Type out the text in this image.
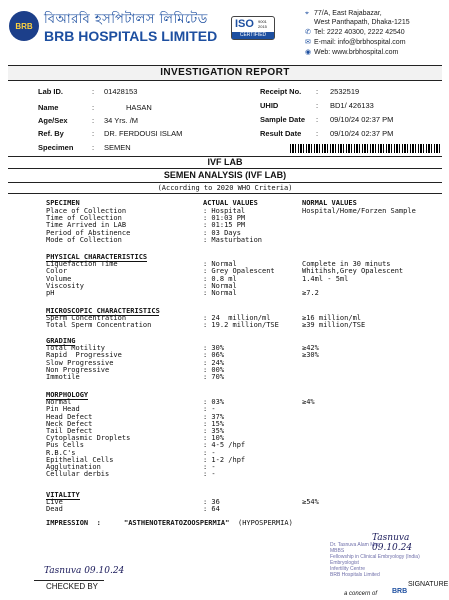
BRB বিআরবি হসপিটালস লিমিটেড
BRB HOSPITALS LIMITED
ISO 9001 2015
CERTIFIED
⌖ 77/A, East Rajabazar,
West Panthapath, Dhaka-1215
✆ Tel: 2222 40300, 2222 42540
✉ E-mail: info@brbhospital.com
◉ Web: www.brbhospital.com
INVESTIGATION REPORT
Lab ID.	: 01428153
Name	:	HASAN
Age/Sex	: 34 Yrs. /M
Ref. By	: DR. FERDOUSI ISLAM
Specimen : SEMEN
Receipt No. : 2532519
UHID	: BD1/ 426133
Sample Date : 09/10/24 02:37 PM
Result Date : 09/10/24 02:37 PM
IVF LAB
SEMEN ANALYSIS (IVF LAB)
(According to 2020 WHO Criteria)
SPECIMEN	ACTUAL VALUES	NORMAL VALUES
Place of Collection	: Hospital	Hospital/Home/Forzen Sample
Time of Collection	: 01:03 PM
Time Arrived in LAB	: 01:15 PM
Period of Abstinence	: 03 Days
Mode of Collection	: Masturbation
PHYSICAL CHARACTERISTICS
Liquefaction Time	: Normal	Complete in 30 minuts
Color	: Grey Opalescent	Whitihsh,Grey Opalescent
Volume	: 0.8 ml	1.4ml - 5ml
Viscosity	: Normal
pH	: Normal	≥7.2
MICROSCOPIC CHARACTERISTICS
Sperm Concentration	: 24  million/ml	≥16 million/ml
Total Sperm Concentration	: 19.2 million/TSE	≥39 million/TSE
GRADING
Total Motility	: 30%	≥42%
Rapid  Progressive	: 06%	≥30%
Slow Progressive	: 24%
Non Progressive	: 00%
Immotile	: 70%
MORPHOLOGY
Normal	: 03%	≥4%
Pin Head	: -
Head Defect	: 37%
Neck Defect	: 15%
Tail Defect	: 35%
Cytoplasmic Droplets	: 10%
Pus Cells	: 4-5 /hpf
R.B.C's	: -
Epithelial Cells	: 1-2 /hpf
Agglutination	: -
Cellular derbis	: -
VITALITY
Live	: 36	≥54%
Dead	: 64
IMPRESSION  :	"ASTHENOTERATOZOOSPERMIA" (HYPOSPERMIA)
Tasnuva 09.10.24
Dr. Tasnuva Alam Mim
MBBS
Fellowship in Clinical Embryology (India)
Embryologist
Infertility Centre
BRB Hospitals Limited
Tasnuva 09.10.24
CHECKED BY	SIGNATURE
a concern of BRB
